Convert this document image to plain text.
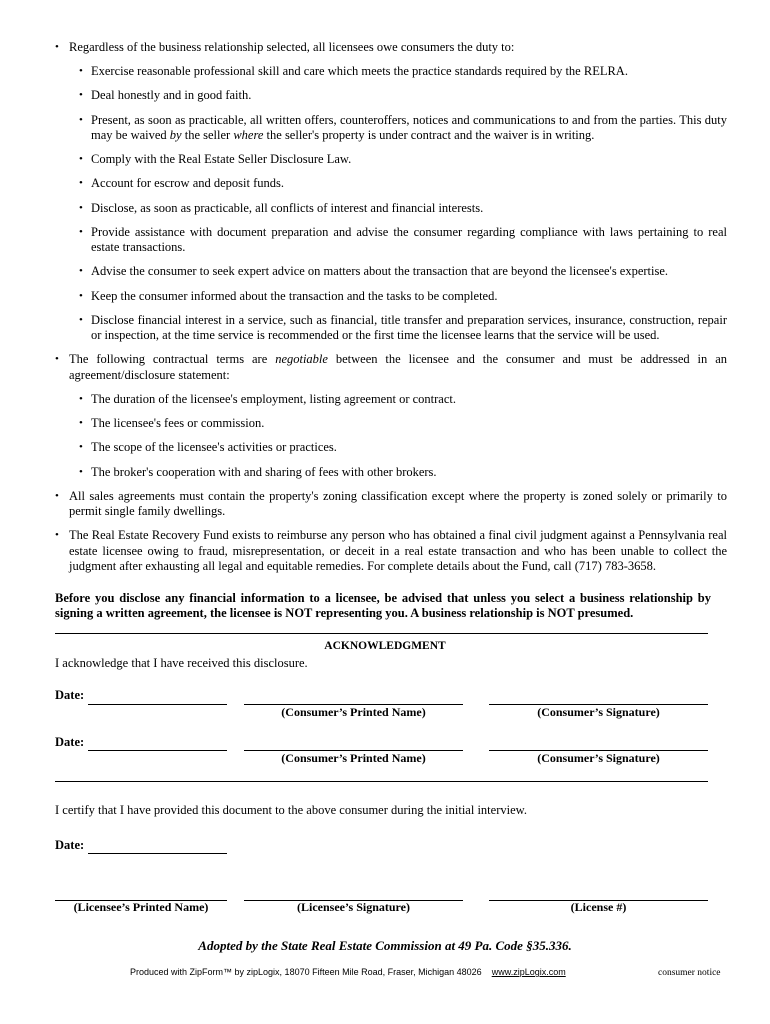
• Regardless of the business relationship selected, all licensees owe consumers the duty to:
• Exercise reasonable professional skill and care which meets the practice standards required by the RELRA.
• Deal honestly and in good faith.
• Present, as soon as practicable, all written offers, counteroffers, notices and communications to and from the parties. This duty may be waived by the seller where the seller's property is under contract and the waiver is in writing.
• Comply with the Real Estate Seller Disclosure Law.
• Account for escrow and deposit funds.
• Disclose, as soon as practicable, all conflicts of interest and financial interests.
• Provide assistance with document preparation and advise the consumer regarding compliance with laws pertaining to real estate transactions.
• Advise the consumer to seek expert advice on matters about the transaction that are beyond the licensee's expertise.
• Keep the consumer informed about the transaction and the tasks to be completed.
• Disclose financial interest in a service, such as financial, title transfer and preparation services, insurance, construction, repair or inspection, at the time service is recommended or the first time the licensee learns that the service will be used.
• The following contractual terms are negotiable between the licensee and the consumer and must be addressed in an agreement/disclosure statement:
• The duration of the licensee's employment, listing agreement or contract.
• The licensee's fees or commission.
• The scope of the licensee's activities or practices.
• The broker's cooperation with and sharing of fees with other brokers.
• All sales agreements must contain the property's zoning classification except where the property is zoned solely or primarily to permit single family dwellings.
• The Real Estate Recovery Fund exists to reimburse any person who has obtained a final civil judgment against a Pennsylvania real estate licensee owing to fraud, misrepresentation, or deceit in a real estate transaction and who has been unable to collect the judgment after exhausting all legal and equitable remedies. For complete details about the Fund, call (717) 783-3658.
Before you disclose any financial information to a licensee, be advised that unless you select a business relationship by signing a written agreement, the licensee is NOT representing you. A business relationship is NOT presumed.
ACKNOWLEDGMENT
I acknowledge that I have received this disclosure.
Date:
(Consumer’s Printed Name)	(Consumer’s Signature)
Date:
(Consumer’s Printed Name)	(Consumer’s Signature)
I certify that I have provided this document to the above consumer during the initial interview.
Date:
(Licensee’s Printed Name)	(Licensee’s Signature)	(License #)
Adopted by the State Real Estate Commission at 49 Pa. Code §35.336.
Produced with ZipForm™ by zipLogix, 18070 Fifteen Mile Road, Fraser, Michigan 48026 www.zipLogix.com	consumer notice
